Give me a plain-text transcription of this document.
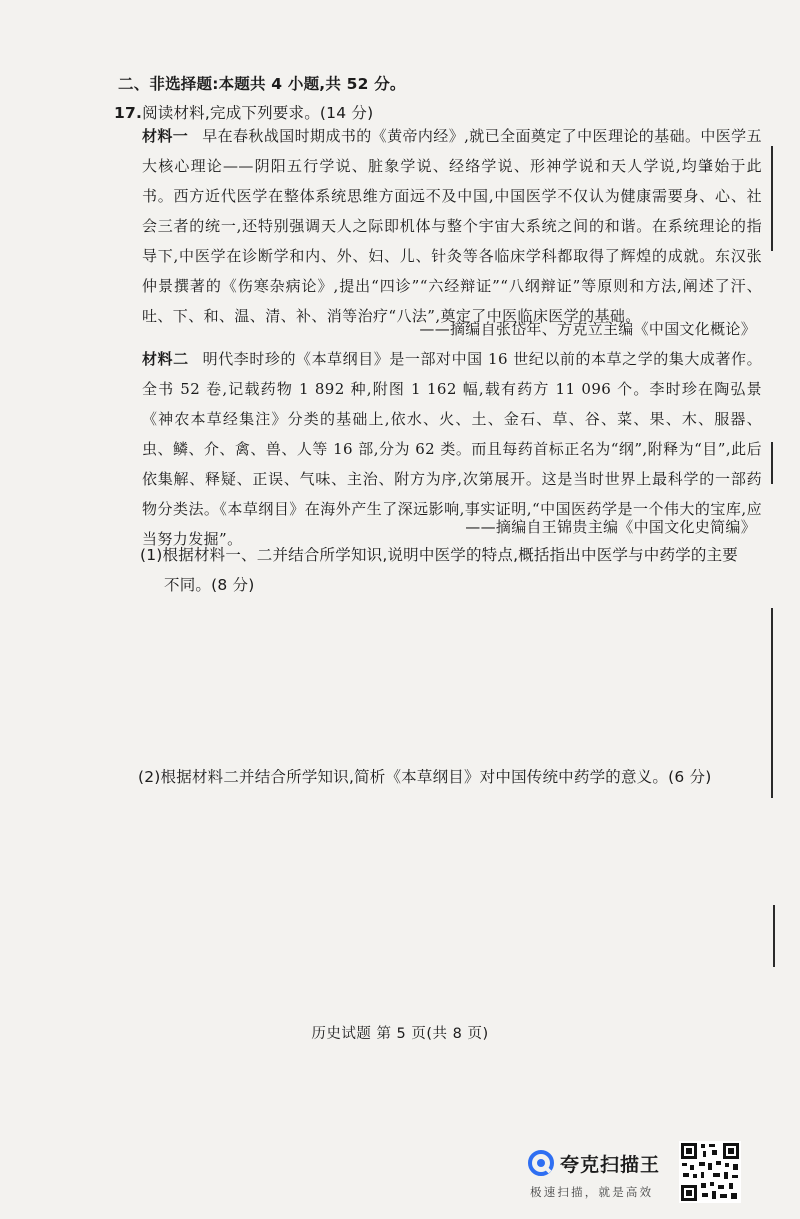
二、非选择题:本题共 4 小题,共 52 分。
17.阅读材料,完成下列要求。(14 分)
材料一 早在春秋战国时期成书的《黄帝内经》,就已全面奠定了中医理论的基础。中医学五大核心理论——阴阳五行学说、脏象学说、经络学说、形神学说和天人学说,均肇始于此书。西方近代医学在整体系统思维方面远不及中国,中国医学不仅认为健康需要身、心、社会三者的统一,还特别强调天人之际即机体与整个宇宙大系统之间的和谐。在系统理论的指导下,中医学在诊断学和内、外、妇、儿、针灸等各临床学科都取得了辉煌的成就。东汉张仲景撰著的《伤寒杂病论》,提出“四诊”“六经辩证”“八纲辩证”等原则和方法,阐述了汗、吐、下、和、温、清、补、消等治疗“八法”,奠定了中医临床医学的基础。
——摘编自张岱年、方克立主编《中国文化概论》
材料二 明代李时珍的《本草纲目》是一部对中国 16 世纪以前的本草之学的集大成著作。全书 52 卷,记载药物 1 892 种,附图 1 162 幅,载有药方 11 096 个。李时珍在陶弘景《神农本草经集注》分类的基础上,依水、火、土、金石、草、谷、菜、果、木、服器、虫、鳞、介、禽、兽、人等 16 部,分为 62 类。而且每药首标正名为“纲”,附释为“目”,此后依集解、释疑、正误、气味、主治、附方为序,次第展开。这是当时世界上最科学的一部药物分类法。《本草纲目》在海外产生了深远影响,事实证明,“中国医药学是一个伟大的宝库,应当努力发掘”。
——摘编自王锦贵主编《中国文化史简编》
(1)根据材料一、二并结合所学知识,说明中医学的特点,概括指出中医学与中药学的主要
不同。(8 分)
(2)根据材料二并结合所学知识,简析《本草纲目》对中国传统中药学的意义。(6 分)
历史试题 第 5 页(共 8 页)
夸克扫描王
极速扫描，就是高效
